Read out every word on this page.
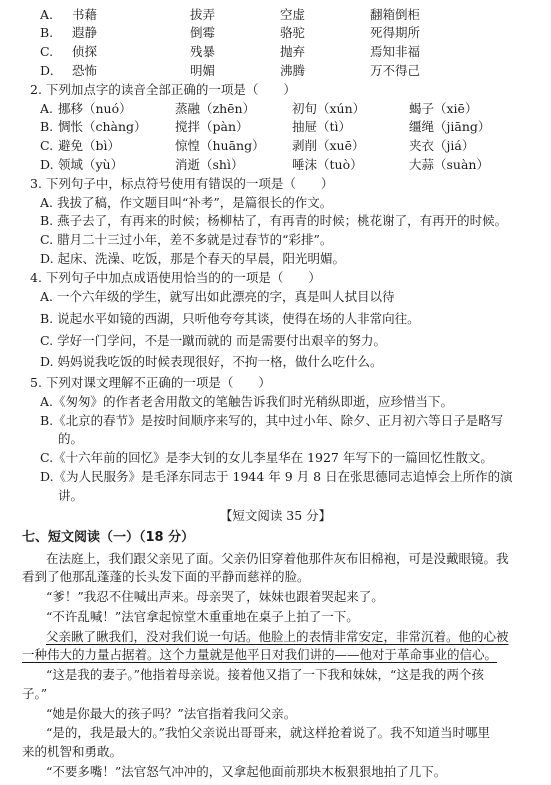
A.	书藉	拔弄	空虚	翻箱倒柜
B.	遐静	倒霉	骆驼	死得期所
C.	侦探	残暴	抛弃	焉知非福
D.	恐怖	明媚	沸腾	万不得己
2. 下列加点字的读音全部正确的一项是（　　）
A. 挪移（nuó）	蒸融（zhēn）	初旬（xún）	蝎子（xiē）
B. 惆怅（chàng）	搅拌（pàn）	抽屉（tì）	缰绳（jiāng）
C. 避免（bì）	惊惶（huāng）	剥削（xuē）	夹衣（jiá）
D. 领域（yù）	消逝（shì）	唾沫（tuò）	大蒜（suàn）
3. 下列句子中，标点符号使用有错误的一项是（　　）
A. 我拔了稿，作文题目叫“补考”，是篇很长的作文。
B. 燕子去了，有再来的时候；杨柳枯了，有再青的时候；桃花谢了，有再开的时候。
C. 腊月二十三过小年，差不多就是过春节的“彩排”。
D. 起床、洗澡、吃饭，那是个春天的早晨，阳光明媚。
4. 下列句子中加点成语使用恰当的的一项是（　　）
A. 一个六年级的学生，就写出如此漂亮的字，真是叫人拭目以待
B. 说起水平如镜的西湖，只听他夸夸其谈，使得在场的人非常向往。
C. 学好一门学问，不是一蹴而就的 而是需要付出艰辛的努力。
D. 妈妈说我吃饭的时候表现很好，不拘一格，做什么吃什么。
5. 下列对课文理解不正确的一项是（　　）
A.《匆匆》的作者老舍用散文的笔触告诉我们时光稍纵即逝，应珍惜当下。
B.《北京的春节》是按时间顺序来写的，其中过小年、除夕、正月初六等日子是略写
的。
C.《十六年前的回忆》是李大钊的女儿李星华在 1927 年写下的一篇回忆性散文。
D.《为人民服务》是毛泽东同志于 1944 年 9 月 8 日在张思德同志追悼会上所作的演
讲。
【短文阅读 35 分】
七、短文阅读（一）（18 分）
在法庭上，我们跟父亲见了面。父亲仍旧穿着他那件灰布旧棉袍，可是没戴眼镜。我
看到了他那乱蓬蓬的长头发下面的平静而慈祥的脸。
“爹！”我忍不住喊出声来。母亲哭了，妹妹也跟着哭起来了。
“不许乱喊！”法官拿起惊堂木重重地在桌子上拍了一下。
父亲瞅了瞅我们，没对我们说一句话。他脸上的表情非常安定，非常沉着。他的心被
一种伟大的力量占据着。这个力量就是他平日对我们讲的——他对于革命事业的信心。
“这是我的妻子。”他指着母亲说。接着他又指了一下我和妹妹，“这是我的两个孩
子。”
“她是你最大的孩子吗？”法官指着我问父亲。
“是的，我是最大的。”我怕父亲说出哥哥来，就这样抢着说了。我不知道当时哪里
来的机智和勇敢。
“不要多嘴！”法官怒气冲冲的，又拿起他面前那块木板狠狠地拍了几下。
